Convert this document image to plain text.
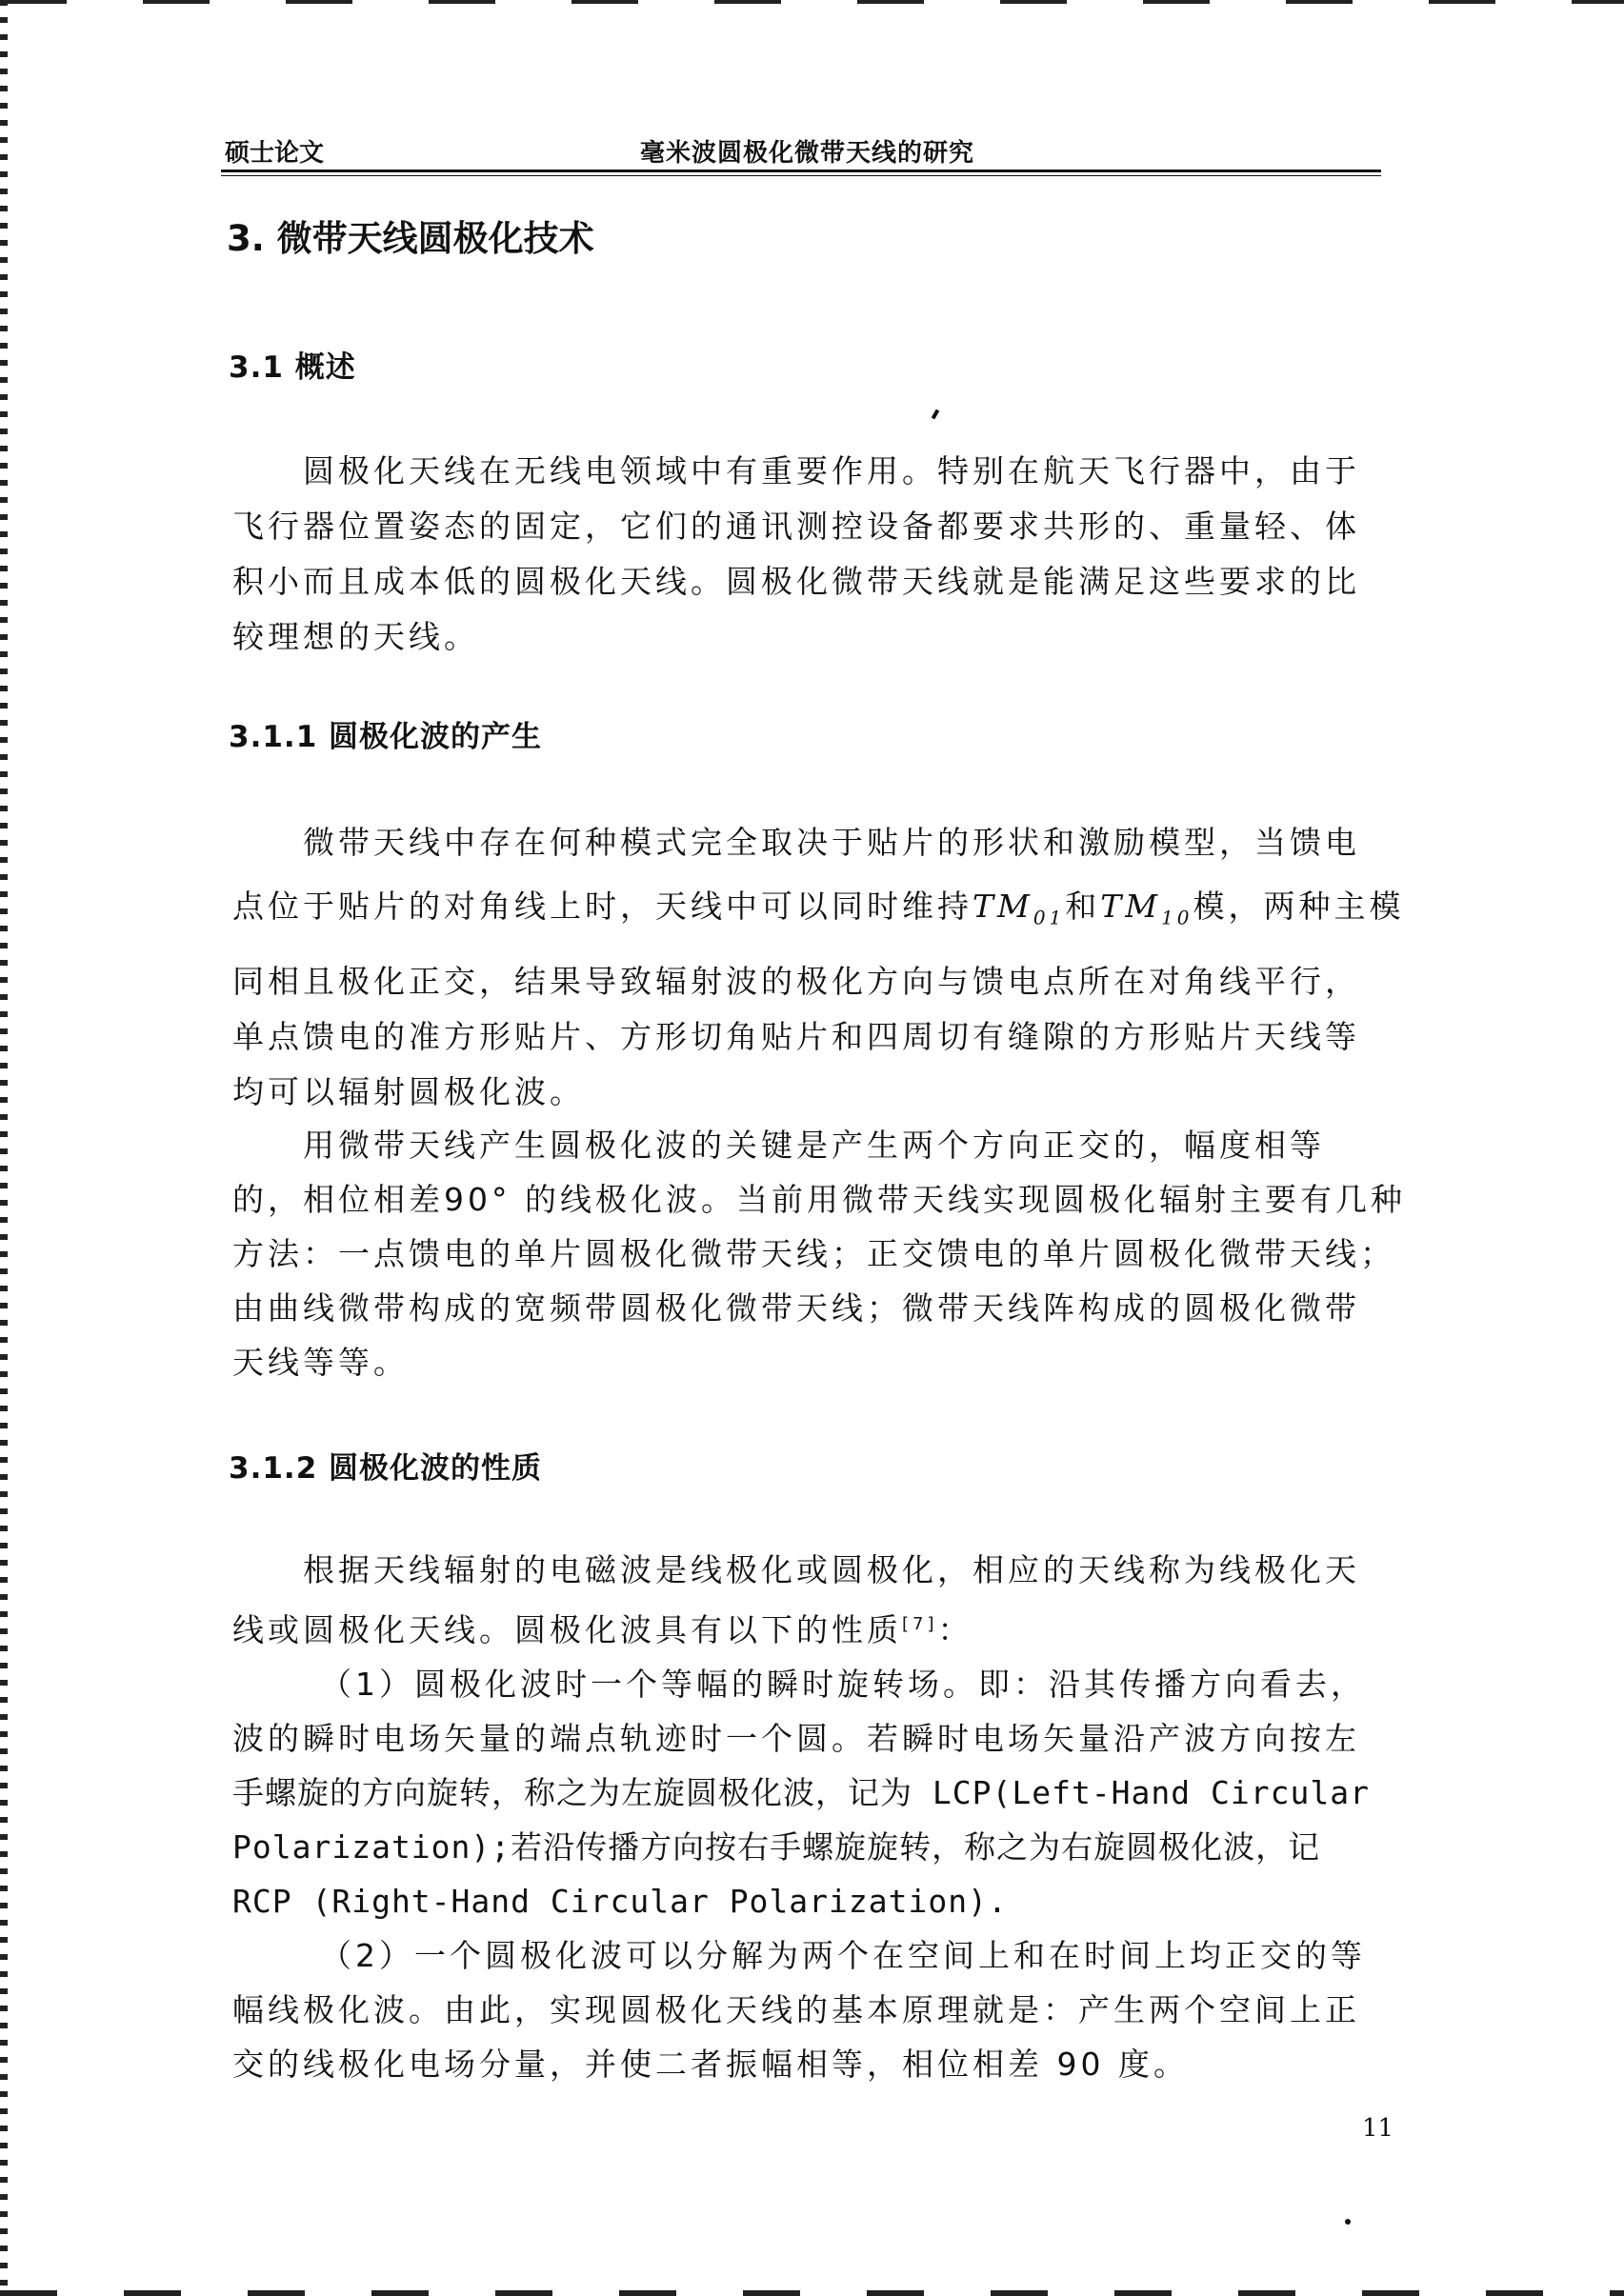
硕士论文	毫米波圆极化微带天线的研究
3. 微带天线圆极化技术
3.1 概述
圆极化天线在无线电领域中有重要作用。特别在航天飞行器中，由于
飞行器位置姿态的固定，它们的通讯测控设备都要求共形的、重量轻、体
积小而且成本低的圆极化天线。圆极化微带天线就是能满足这些要求的比
较理想的天线。
3.1.1 圆极化波的产生
微带天线中存在何种模式完全取决于贴片的形状和激励模型，当馈电
点位于贴片的对角线上时，天线中可以同时维持$TM_{01}$和$TM_{10}$模，两种主模
同相且极化正交，结果导致辐射波的极化方向与馈电点所在对角线平行，
单点馈电的准方形贴片、方形切角贴片和四周切有缝隙的方形贴片天线等
均可以辐射圆极化波。
用微带天线产生圆极化波的关键是产生两个方向正交的，幅度相等
的，相位相差90° 的线极化波。当前用微带天线实现圆极化辐射主要有几种
方法：一点馈电的单片圆极化微带天线；正交馈电的单片圆极化微带天线；
由曲线微带构成的宽频带圆极化微带天线；微带天线阵构成的圆极化微带
天线等等。
3.1.2 圆极化波的性质
根据天线辐射的电磁波是线极化或圆极化，相应的天线称为线极化天
线或圆极化天线。圆极化波具有以下的性质[7]：
（1）圆极化波时一个等幅的瞬时旋转场。即：沿其传播方向看去，
波的瞬时电场矢量的端点轨迹时一个圆。若瞬时电场矢量沿产波方向按左
手螺旋的方向旋转，称之为左旋圆极化波，记为 LCP(Left-Hand Circular
Polarization);若沿传播方向按右手螺旋旋转，称之为右旋圆极化波，记
RCP (Right-Hand Circular Polarization).
（2）一个圆极化波可以分解为两个在空间上和在时间上均正交的等
幅线极化波。由此，实现圆极化天线的基本原理就是：产生两个空间上正
交的线极化电场分量，并使二者振幅相等，相位相差 90 度。
11
